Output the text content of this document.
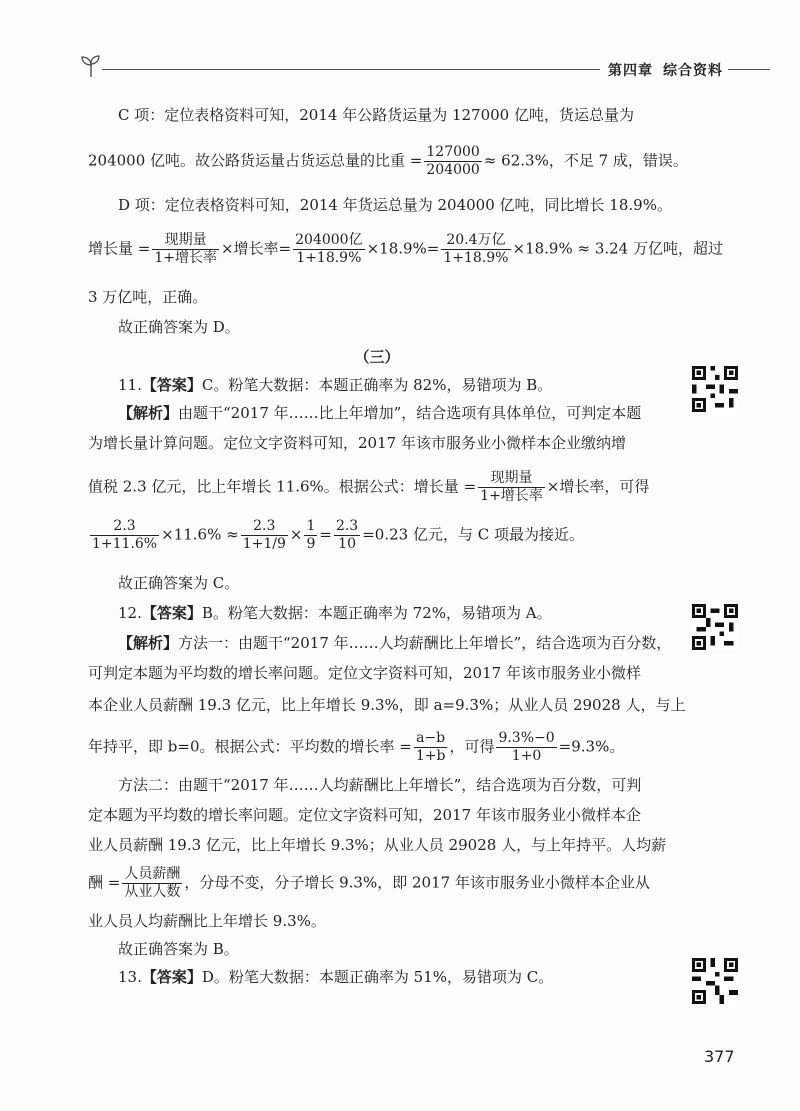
第四章 综合资料
C 项：定位表格资料可知，2014 年公路货运量为 127000 亿吨，货运总量为
204000 亿吨。故公路货运量占货运总量的比重 = $\frac{127000}{204000} \approx 62.3\%$，不足 7 成，错误。
D 项：定位表格资料可知，2014 年货运总量为 204000 亿吨，同比增长 18.9%。
增长量 = $\frac{\text{现期量}}{\text{1+增长率}}$ ×增长率= $\frac{\text{204000亿}}{1+18.9\%} \times 18.9\%= \frac{\text{20.4万亿}}{1+18.9\%} \times 18.9\% \approx 3.24$ 万亿吨，超过
3 万亿吨，正确。
故正确答案为 D。
（三）
11.【答案】C。粉笔大数据：本题正确率为 82%，易错项为 B。
【解析】由题干“2017 年……比上年增加”，结合选项有具体单位，可判定本题
为增长量计算问题。定位文字资料可知，2017 年该市服务业小微样本企业缴纳增
值税 2.3 亿元，比上年增长 11.6%。根据公式：增长量 = $\frac{\text{现期量}}{\text{1+增长率}}$ ×增长率，可得
$\frac{2.3}{1+11.6\%} \times 11.6\% \approx \frac{2.3}{1+1/9} \times \frac{1}{9} = \frac{2.3}{10} =0.23$ 亿元，与 C 项最为接近。
故正确答案为 C。
12.【答案】B。粉笔大数据：本题正确率为 72%，易错项为 A。
【解析】方法一：由题干“2017 年……人均薪酬比上年增长”，结合选项为百分数，
可判定本题为平均数的增长率问题。定位文字资料可知，2017 年该市服务业小微样
本企业人员薪酬 19.3 亿元，比上年增长 9.3%，即 a=9.3%；从业人员 29028 人，与上
年持平，即 b=0。根据公式：平均数的增长率 = $\frac{a-b}{1+b}$ ，可得 $\frac{9.3\%-0}{1+0} =9.3\%$。
方法二：由题干“2017 年……人均薪酬比上年增长”，结合选项为百分数，可判
定本题为平均数的增长率问题。定位文字资料可知，2017 年该市服务业小微样本企
业人员薪酬 19.3 亿元，比上年增长 9.3%；从业人员 29028 人，与上年持平。人均薪
酬 = $\frac{\text{人员薪酬}}{\text{从业人数}}$ ，分母不变，分子增长 9.3%，即 2017 年该市服务业小微样本企业从
业人员人均薪酬比上年增长 9.3%。
故正确答案为 B。
13.【答案】D。粉笔大数据：本题正确率为 51%，易错项为 C。
377
